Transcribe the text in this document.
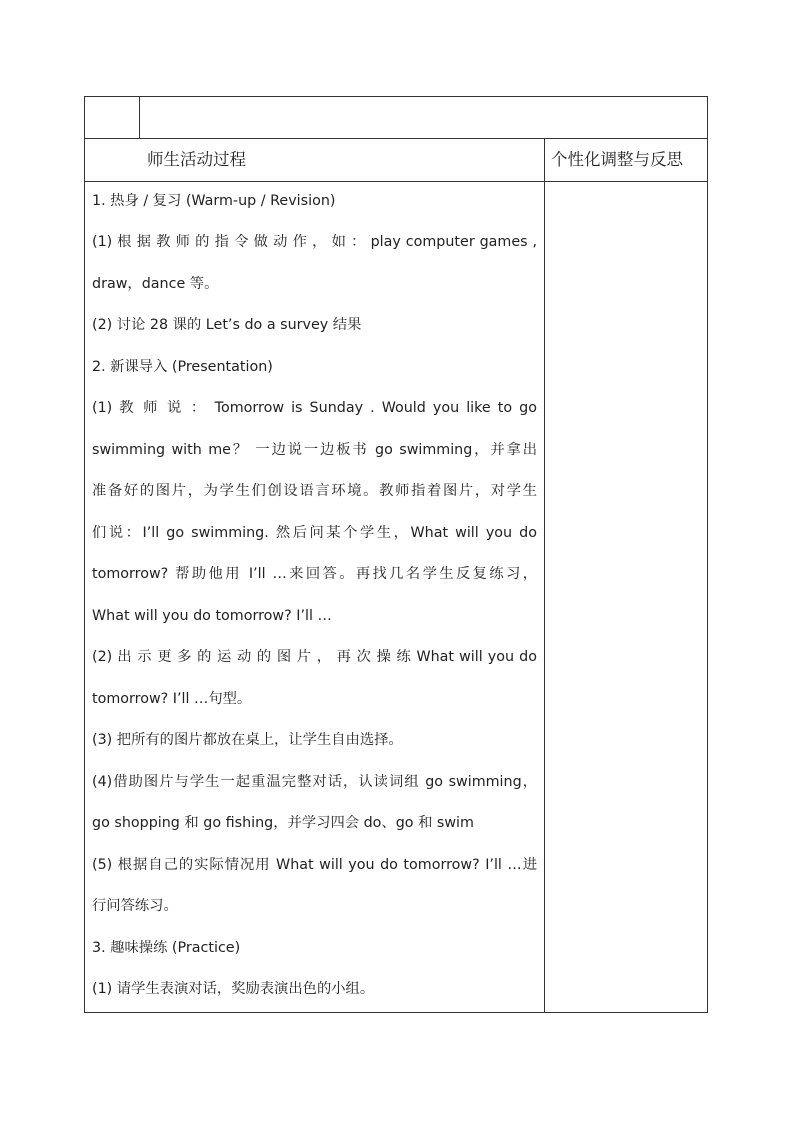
师生活动过程	个性化调整与反思
1. 热身 / 复习 (Warm-up / Revision)
(1) 根 据 教 师 的 指 令 做 动 作 ， 如 ： play computer games ,
draw，dance 等。
(2) 讨论 28 课的 Let’s do a survey 结果
2. 新课导入 (Presentation)
(1) 教 师 说 ： Tomorrow is Sunday . Would you like to go
swimming with me？ 一边说一边板书 go swimming，并拿出
准备好的图片，为学生们创设语言环境。教师指着图片，对学生
们说：I’ll go swimming. 然后问某个学生，What will you do
tomorrow? 帮助他用 I’ll …来回答。再找几名学生反复练习，
What will you do tomorrow? I’ll …
(2) 出 示 更 多 的 运 动 的 图 片 ， 再 次 操 练 What will you do
tomorrow? I’ll …句型。
(3) 把所有的图片都放在桌上，让学生自由选择。
(4)借助图片与学生一起重温完整对话，认读词组 go swimming，
go shopping 和 go fishing，并学习四会 do、go 和 swim
(5) 根据自己的实际情况用 What will you do tomorrow? I’ll …进
行问答练习。
3. 趣味操练 (Practice)
(1) 请学生表演对话，奖励表演出色的小组。
